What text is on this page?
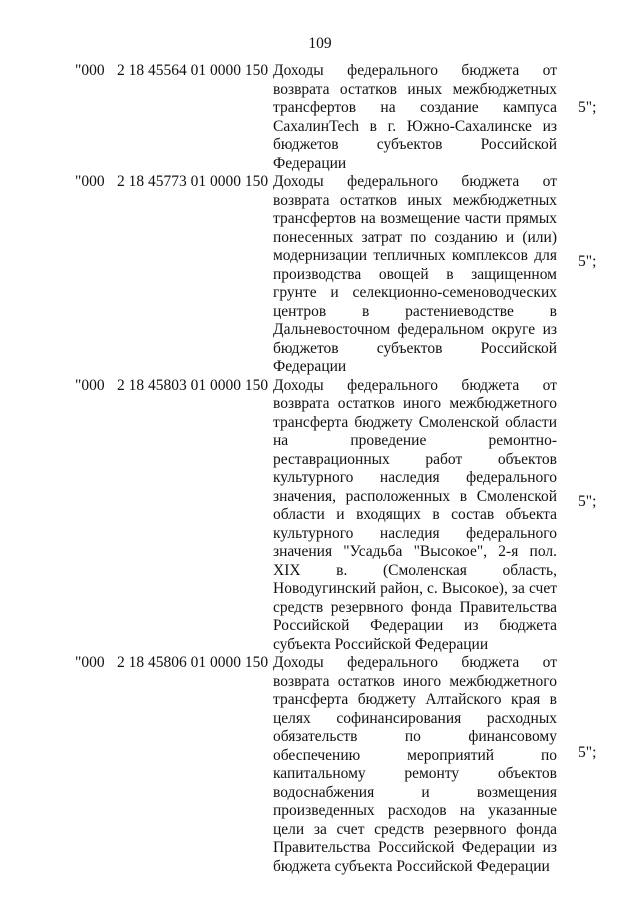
109
"000 2 18 45564 01 0000 150 Доходы федерального бюджета от возврата остатков иных межбюджетных трансфертов на создание кампуса СахалинTech в г. Южно-Сахалинске из бюджетов субъектов Российской Федерации
5";
"000 2 18 45773 01 0000 150 Доходы федерального бюджета от возврата остатков иных межбюджетных трансфертов на возмещение части прямых понесенных затрат по созданию и (или) модернизации тепличных комплексов для производства овощей в защищенном грунте и селекционно-семеноводческих центров в растениеводстве в Дальневосточном федеральном округе из бюджетов субъектов Российской Федерации
5";
"000 2 18 45803 01 0000 150 Доходы федерального бюджета от возврата остатков иного межбюджетного трансферта бюджету Смоленской области на проведение ремонтно-реставрационных работ объектов культурного наследия федерального значения, расположенных в Смоленской области и входящих в состав объекта культурного наследия федерального значения "Усадьба "Высокое", 2-я пол. XIX в. (Смоленская область, Новодугинский район, с. Высокое), за счет средств резервного фонда Правительства Российской Федерации из бюджета субъекта Российской Федерации
5";
"000 2 18 45806 01 0000 150 Доходы федерального бюджета от возврата остатков иного межбюджетного трансферта бюджету Алтайского края в целях софинансирования расходных обязательств по финансовому обеспечению мероприятий по капитальному ремонту объектов водоснабжения и возмещения произведенных расходов на указанные цели за счет средств резервного фонда Правительства Российской Федерации из бюджета субъекта Российской Федерации
5";
